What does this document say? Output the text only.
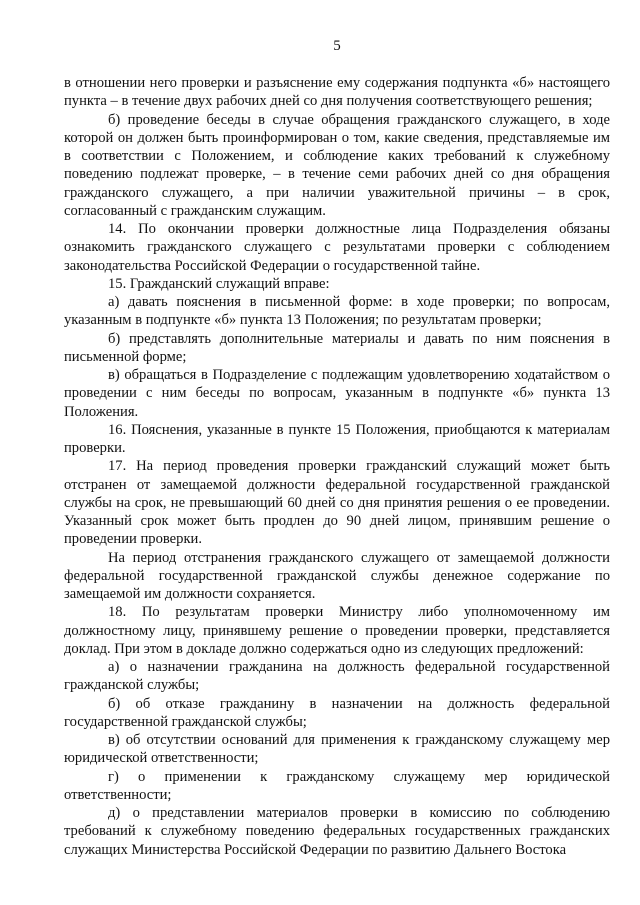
5

в отношении него проверки и разъяснение ему содержания подпункта «б» настоящего пункта – в течение двух рабочих дней со дня получения соответствующего решения;

б) проведение беседы в случае обращения гражданского служащего, в ходе которой он должен быть проинформирован о том, какие сведения, представляемые им в соответствии с Положением, и соблюдение каких требований к служебному поведению подлежат проверке, – в течение семи рабочих дней со дня обращения гражданского служащего, а при наличии уважительной причины – в срок, согласованный с гражданским служащим.

14. По окончании проверки должностные лица Подразделения обязаны ознакомить гражданского служащего с результатами проверки с соблюдением законодательства Российской Федерации о государственной тайне.

15. Гражданский служащий вправе:

а) давать пояснения в письменной форме: в ходе проверки; по вопросам, указанным в подпункте «б» пункта 13 Положения; по результатам проверки;

б) представлять дополнительные материалы и давать по ним пояснения в письменной форме;

в) обращаться в Подразделение с подлежащим удовлетворению ходатайством о проведении с ним беседы по вопросам, указанным в подпункте «б» пункта 13 Положения.

16. Пояснения, указанные в пункте 15 Положения, приобщаются к материалам проверки.

17. На период проведения проверки гражданский служащий может быть отстранен от замещаемой должности федеральной государственной гражданской службы на срок, не превышающий 60 дней со дня принятия решения о ее проведении. Указанный срок может быть продлен до 90 дней лицом, принявшим решение о проведении проверки.

На период отстранения гражданского служащего от замещаемой должности федеральной государственной гражданской службы денежное содержание по замещаемой им должности сохраняется.

18. По результатам проверки Министру либо уполномоченному им должностному лицу, принявшему решение о проведении проверки, представляется доклад. При этом в докладе должно содержаться одно из следующих предложений:

а) о назначении гражданина на должность федеральной государственной гражданской службы;

б) об отказе гражданину в назначении на должность федеральной государственной гражданской службы;

в) об отсутствии оснований для применения к гражданскому служащему мер юридической ответственности;

г) о применении к гражданскому служащему мер юридической ответственности;

д) о представлении материалов проверки в комиссию по соблюдению требований к служебному поведению федеральных государственных гражданских служащих Министерства Российской Федерации по развитию Дальнего Востока
